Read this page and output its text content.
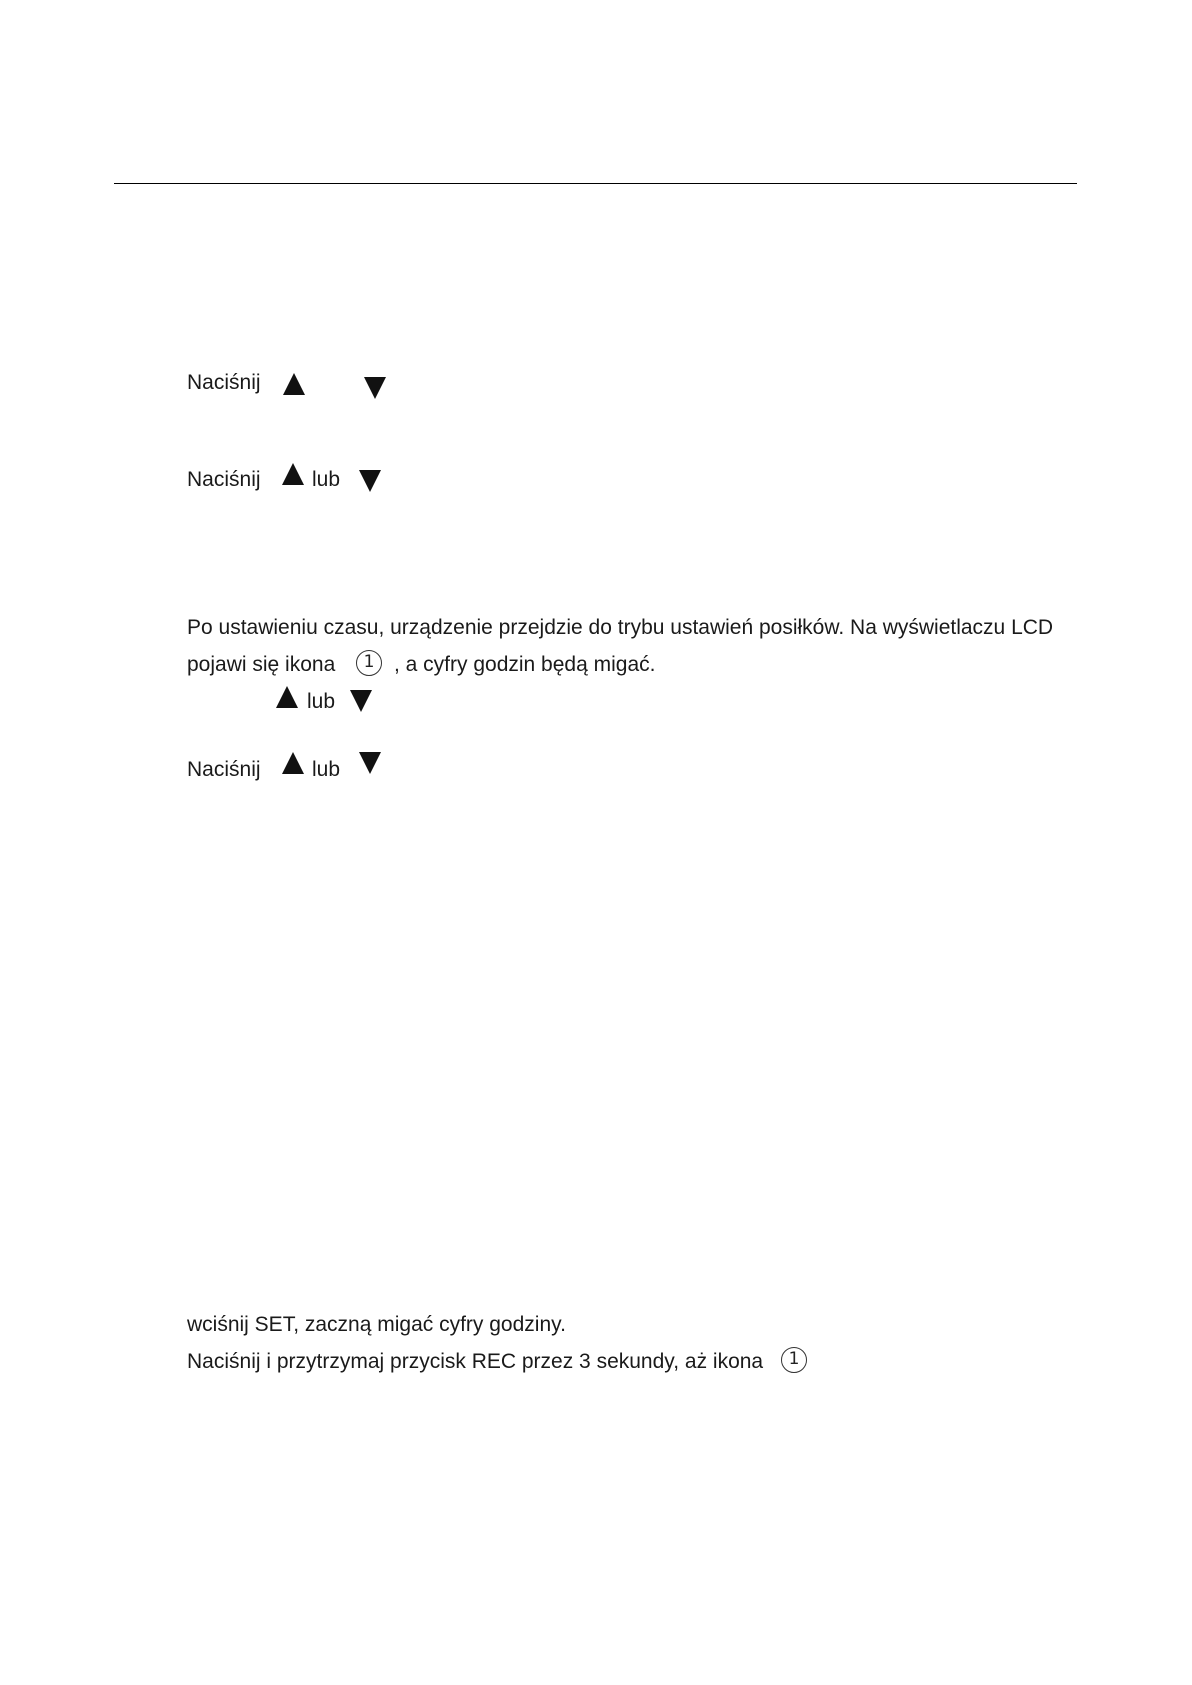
Naciśnij
Naciśnij lub
Po ustawieniu czasu, urządzenie przejdzie do trybu ustawień posiłków. Na wyświetlaczu LCD
pojawi się ikona	1 , a cyfry godzin będą migać.
lub
Naciśnij lub
wciśnij SET, zaczną migać cyfry godziny.
Naciśnij i przytrzymaj przycisk REC przez 3 sekundy, aż ikona	1
